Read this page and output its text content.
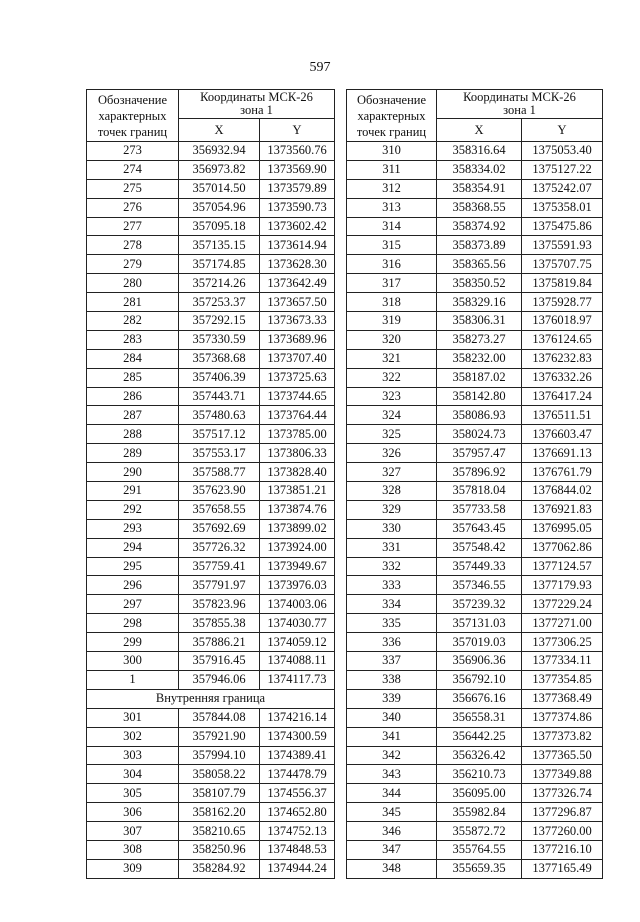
597
Обозначение
характерных
точек границ	Координаты МСК-26
зона 1	
	X	Y
273	356932.94	1373560.76
274	356973.82	1373569.90
275	357014.50	1373579.89
276	357054.96	1373590.73
277	357095.18	1373602.42
278	357135.15	1373614.94
279	357174.85	1373628.30
280	357214.26	1373642.49
281	357253.37	1373657.50
282	357292.15	1373673.33
283	357330.59	1373689.96
284	357368.68	1373707.40
285	357406.39	1373725.63
286	357443.71	1373744.65
287	357480.63	1373764.44
288	357517.12	1373785.00
289	357553.17	1373806.33
290	357588.77	1373828.40
291	357623.90	1373851.21
292	357658.55	1373874.76
293	357692.69	1373899.02
294	357726.32	1373924.00
295	357759.41	1373949.67
296	357791.97	1373976.03
297	357823.96	1374003.06
298	357855.38	1374030.77
299	357886.21	1374059.12
300	357916.45	1374088.11
1	357946.06	1374117.73
Внутренняя граница		
301	357844.08	1374216.14
302	357921.90	1374300.59
303	357994.10	1374389.41
304	358058.22	1374478.79
305	358107.79	1374556.37
306	358162.20	1374652.80
307	358210.65	1374752.13
308	358250.96	1374848.53
309	358284.92	1374944.24
Обозначение
характерных
точек границ	Координаты МСК-26
зона 1	
	X	Y
310	358316.64	1375053.40
311	358334.02	1375127.22
312	358354.91	1375242.07
313	358368.55	1375358.01
314	358374.92	1375475.86
315	358373.89	1375591.93
316	358365.56	1375707.75
317	358350.52	1375819.84
318	358329.16	1375928.77
319	358306.31	1376018.97
320	358273.27	1376124.65
321	358232.00	1376232.83
322	358187.02	1376332.26
323	358142.80	1376417.24
324	358086.93	1376511.51
325	358024.73	1376603.47
326	357957.47	1376691.13
327	357896.92	1376761.79
328	357818.04	1376844.02
329	357733.58	1376921.83
330	357643.45	1376995.05
331	357548.42	1377062.86
332	357449.33	1377124.57
333	357346.55	1377179.93
334	357239.32	1377229.24
335	357131.03	1377271.00
336	357019.03	1377306.25
337	356906.36	1377334.11
338	356792.10	1377354.85
339	356676.16	1377368.49
340	356558.31	1377374.86
341	356442.25	1377373.82
342	356326.42	1377365.50
343	356210.73	1377349.88
344	356095.00	1377326.74
345	355982.84	1377296.87
346	355872.72	1377260.00
347	355764.55	1377216.10
348	355659.35	1377165.49
